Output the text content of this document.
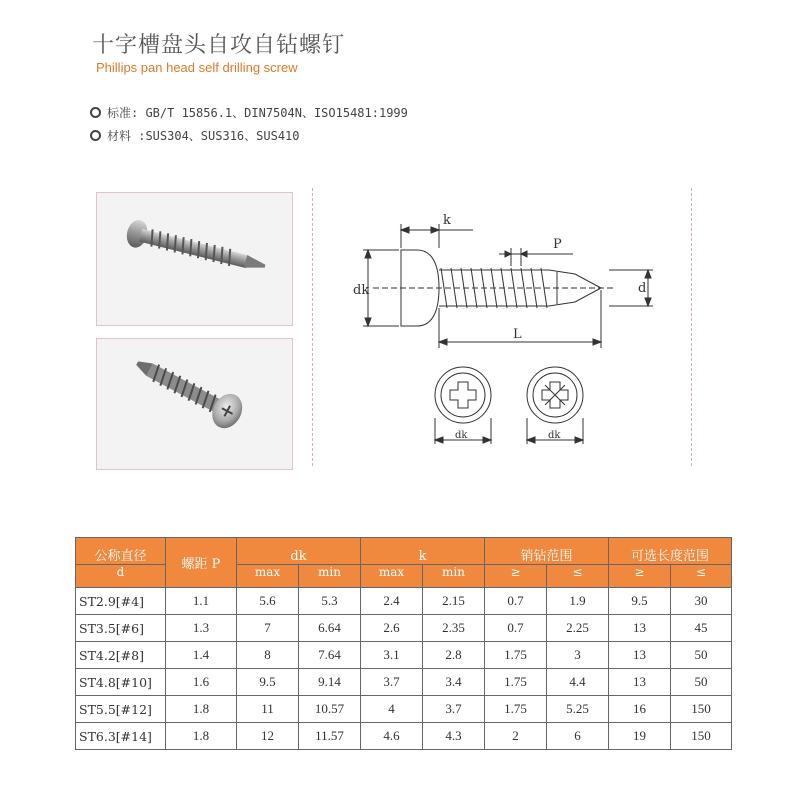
十字槽盘头自攻自钻螺钉
Phillips pan head self drilling screw
标准: GB/T 15856.1、DIN7504N、ISO15481:1999
材料 :SUS304、SUS316、SUS410
k
P
dk	d
L
dk	dk
公称直径	螺距 P	dk		k		销钻范围		可选长度范围	
d		max	min	max	min	≥	≤	≥	≤
ST2.9[#4]	1.1	5.6	5.3	2.4	2.15	0.7	1.9	9.5	30
ST3.5[#6]	1.3	7	6.64	2.6	2.35	0.7	2.25	13	45
ST4.2[#8]	1.4	8	7.64	3.1	2.8	1.75	3	13	50
ST4.8[#10]	1.6	9.5	9.14	3.7	3.4	1.75	4.4	13	50
ST5.5[#12]	1.8	11	10.57	4	3.7	1.75	5.25	16	150
ST6.3[#14]	1.8	12	11.57	4.6	4.3	2	6	19	150
